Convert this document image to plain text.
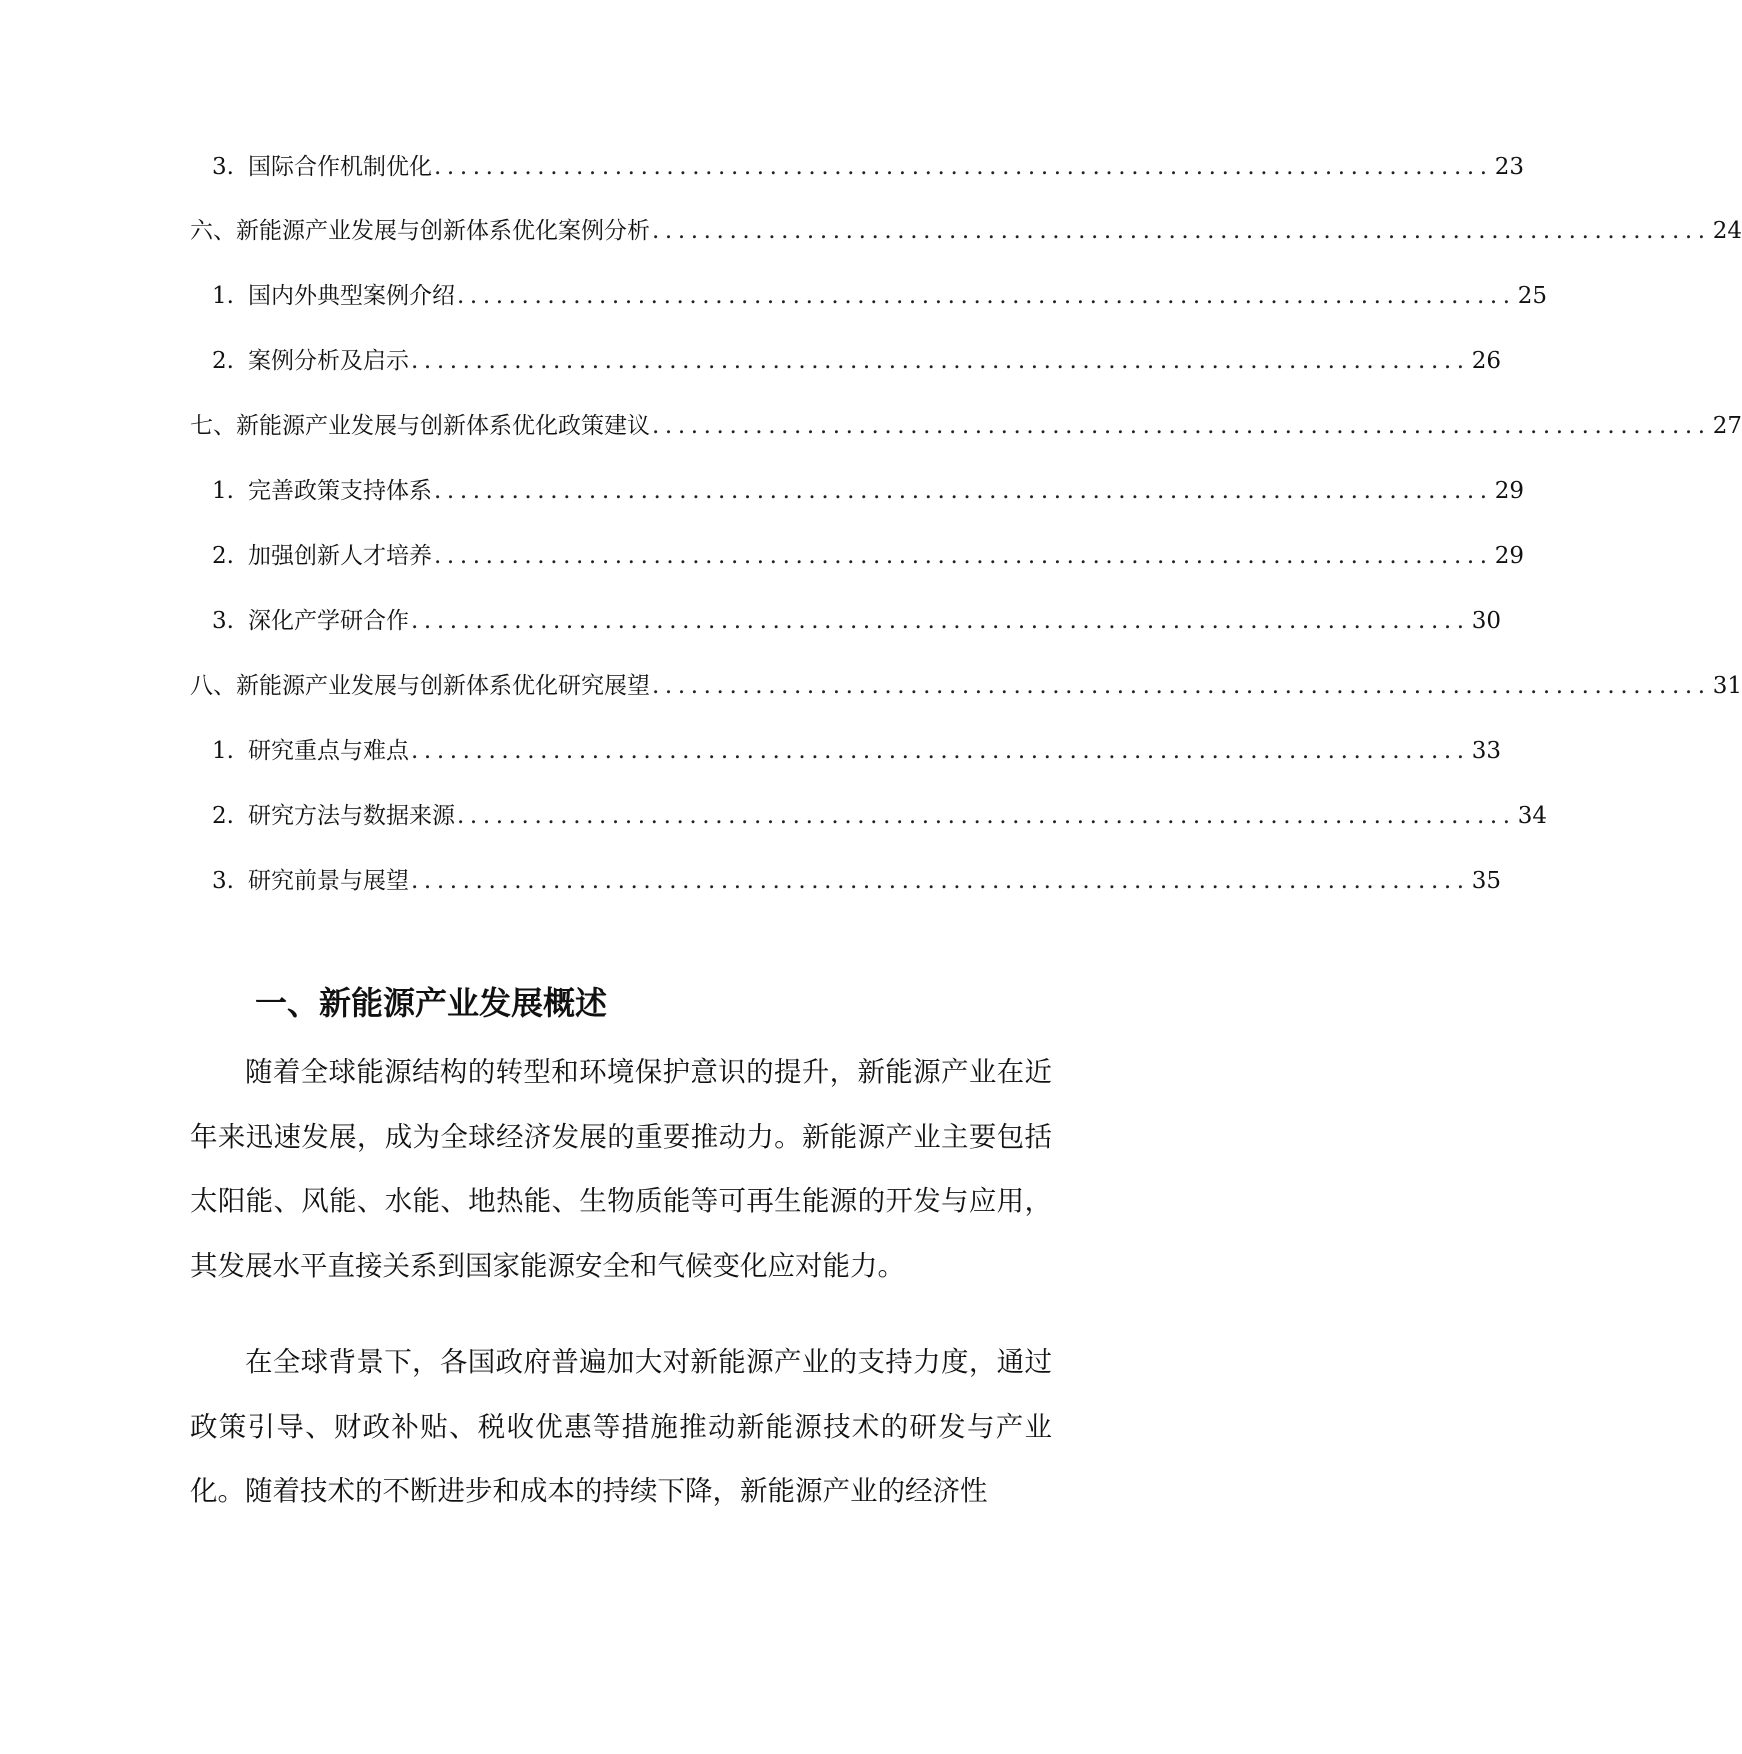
3. 国际合作机制优化 .................................................................................. 23
六、新能源产业发展与创新体系优化案例分析 .................................................................................. 24
1. 国内外典型案例介绍 .................................................................................. 25
2. 案例分析及启示 .................................................................................. 26
七、新能源产业发展与创新体系优化政策建议 .................................................................................. 27
1. 完善政策支持体系 .................................................................................. 29
2. 加强创新人才培养 .................................................................................. 29
3. 深化产学研合作 .................................................................................. 30
八、新能源产业发展与创新体系优化研究展望 .................................................................................. 31
1. 研究重点与难点 .................................................................................. 33
2. 研究方法与数据来源 .................................................................................. 34
3. 研究前景与展望 .................................................................................. 35
一、新能源产业发展概述

随着全球能源结构的转型和环境保护意识的提升，新能源产业在近年来迅速发展，成为全球经济发展的重要推动力。新能源产业主要包括太阳能、风能、水能、地热能、生物质能等可再生能源的开发与应用，其发展水平直接关系到国家能源安全和气候变化应对能力。

在全球背景下，各国政府普遍加大对新能源产业的支持力度，通过政策引导、财政补贴、税收优惠等措施推动新能源技术的研发与产业化。随着技术的不断进步和成本的持续下降，新能源产业的经济性
